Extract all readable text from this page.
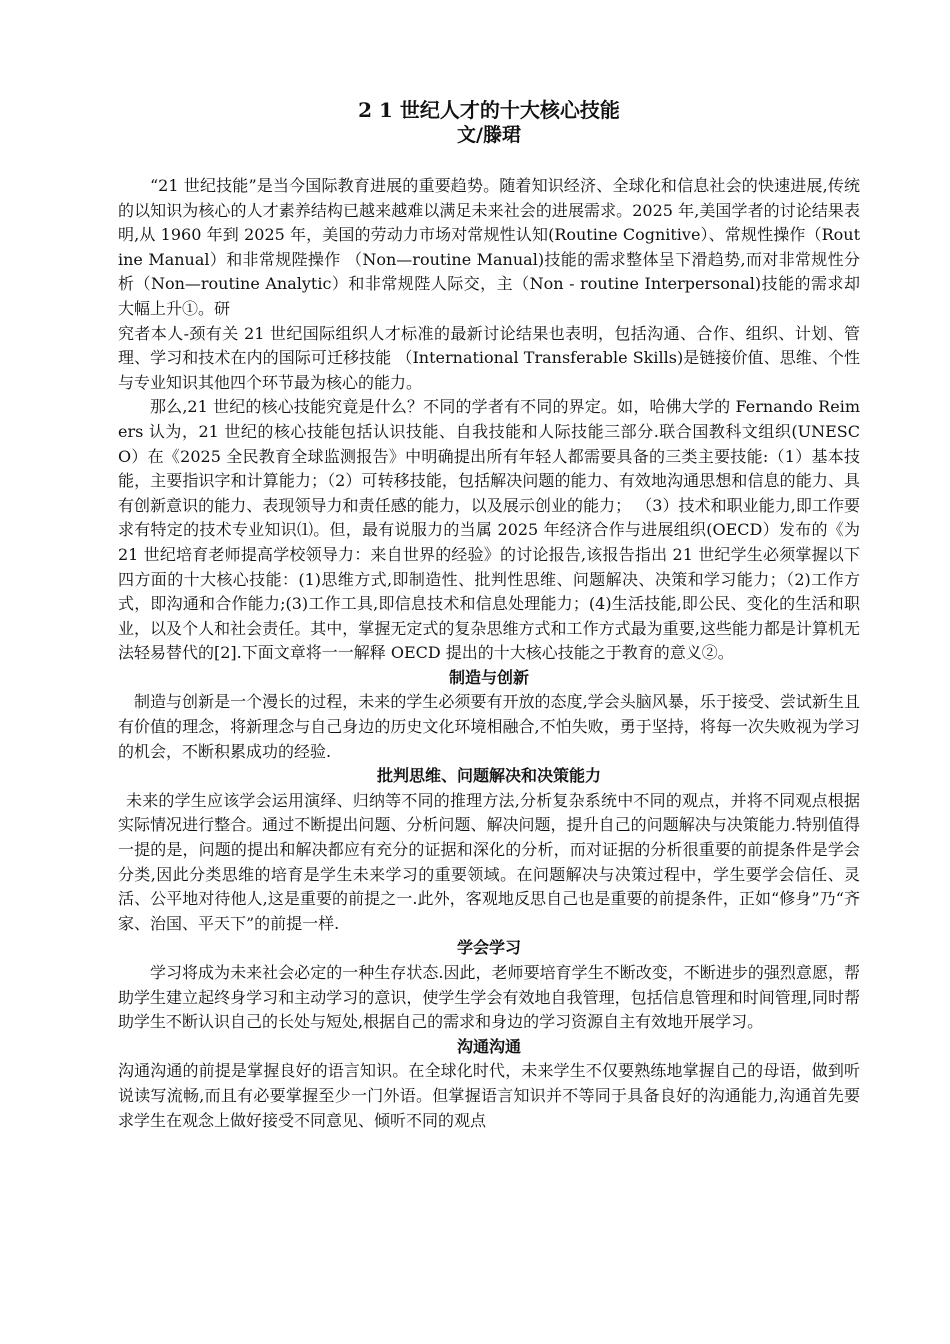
2 1 世纪人才的十大核心技能

文/滕珺

“21 世纪技能”是当今国际教育进展的重要趋势。随着知识经济、全球化和信息社会的快速进展,传统的以知识为核心的人才素养结构已越来越难以满足未来社会的进展需求。2025 年,美国学者的讨论结果表明,从 1960 年到 2025 年，美国的劳动力市场对常规性认知(Routine Cognitive）、常规性操作（Routine Manual）和非常规陛操作 （Non—routine Manual)技能的需求整体呈下滑趋势,而对非常规性分析（Non—routine Analytic）和非常规陛人际交，主（Non - routine Interpersonal)技能的需求却大幅上升①。研

究者本人-颈有关 21 世纪国际组织人才标准的最新讨论结果也表明，包括沟通、合作、组织、计划、管理、学习和技术在内的国际可迁移技能 （International Transferable Skills)是链接价值、思维、个性与专业知识其他四个环节最为核心的能力。

那么,21 世纪的核心技能究竟是什么？不同的学者有不同的界定。如，哈佛大学的 Fernando Reimers 认为，21 世纪的核心技能包括认识技能、自我技能和人际技能三部分.联合国教科文组织(UNESCO）在《2025 全民教育全球监测报告》中明确提出所有年轻人都需要具备的三类主要技能:（1）基本技能，主要指识字和计算能力；（2）可转移技能，包括解决问题的能力、有效地沟通思想和信息的能力、具有创新意识的能力、表现领导力和责任感的能力，以及展示创业的能力； （3）技术和职业能力,即工作要求有特定的技术专业知识⑴。但，最有说服力的当属 2025 年经济合作与进展组织(OECD）发布的《为 21 世纪培育老师提高学校领导力：来自世界的经验》的讨论报告,该报告指出 21 世纪学生必须掌握以下四方面的十大核心技能：(1)思维方式,即制造性、批判性思维、问题解决、决策和学习能力；（2)工作方式，即沟通和合作能力;(3)工作工具,即信息技术和信息处理能力；(4)生活技能,即公民、变化的生活和职业，以及个人和社会责任。其中，掌握无定式的复杂思维方式和工作方式最为重要,这些能力都是计算机无法轻易替代的[2].下面文章将一一解释 OECD 提出的十大核心技能之于教育的意义②。

制造与创新

制造与创新是一个漫长的过程，未来的学生必须要有开放的态度,学会头脑风暴，乐于接受、尝试新生且有价值的理念，将新理念与自己身边的历史文化环境相融合,不怕失败，勇于坚持，将每一次失败视为学习的机会，不断积累成功的经验.

批判思维、问题解决和决策能力

未来的学生应该学会运用演绎、归纳等不同的推理方法,分析复杂系统中不同的观点，并将不同观点根据实际情况进行整合。通过不断提出问题、分析问题、解决问题，提升自己的问题解决与决策能力.特别值得一提的是，问题的提出和解决都应有充分的证据和深化的分析，而对证据的分析很重要的前提条件是学会分类,因此分类思维的培育是学生未来学习的重要领域。在问题解决与决策过程中，学生要学会信任、灵活、公平地对待他人,这是重要的前提之一.此外，客观地反思自己也是重要的前提条件，正如“修身”乃“齐家、治国、平天下”的前提一样.

学会学习

学习将成为未来社会必定的一种生存状态.因此，老师要培育学生不断改变，不断进步的强烈意愿，帮助学生建立起终身学习和主动学习的意识，使学生学会有效地自我管理，包括信息管理和时间管理,同时帮助学生不断认识自己的长处与短处,根据自己的需求和身边的学习资源自主有效地开展学习。

沟通沟通

沟通沟通的前提是掌握良好的语言知识。在全球化时代，未来学生不仅要熟练地掌握自己的母语，做到听说读写流畅,而且有必要掌握至少一门外语。但掌握语言知识并不等同于具备良好的沟通能力,沟通首先要求学生在观念上做好接受不同意见、倾听不同的观点
